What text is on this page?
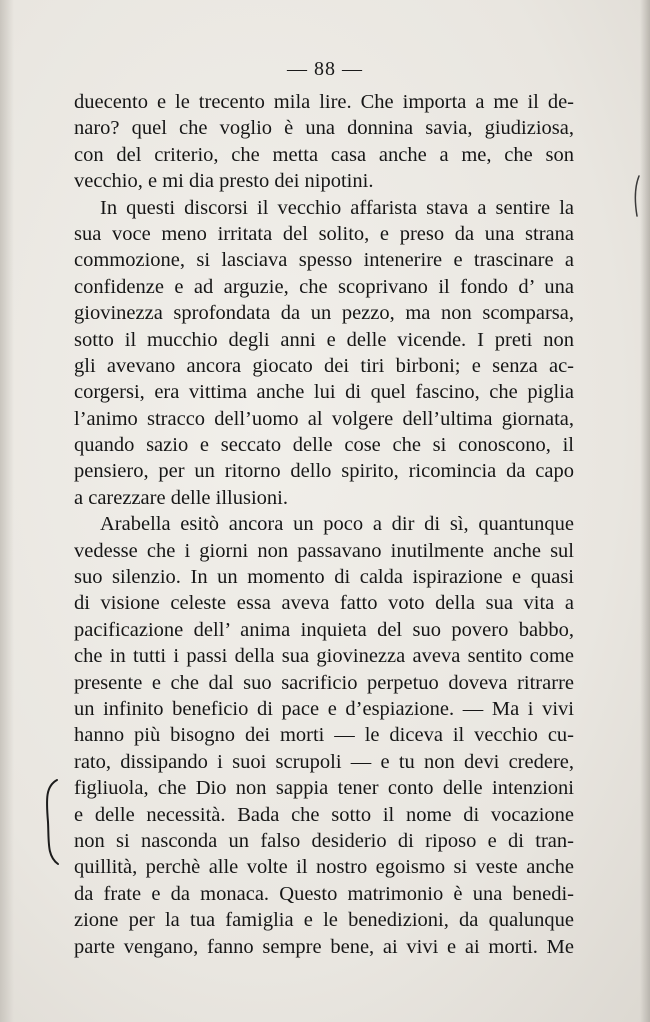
— 88 —
duecento e le trecento mila lire. Che importa a me il de-
naro? quel che voglio è una donnina savia, giudiziosa,
con del criterio, che metta casa anche a me, che son
vecchio, e mi dia presto dei nipotini.
In questi discorsi il vecchio affarista stava a sentire la
sua voce meno irritata del solito, e preso da una strana
commozione, si lasciava spesso intenerire e trascinare a
confidenze e ad arguzie, che scoprivano il fondo d’ una
giovinezza sprofondata da un pezzo, ma non scomparsa,
sotto il mucchio degli anni e delle vicende. I preti non
gli avevano ancora giocato dei tiri birboni; e senza ac-
corgersi, era vittima anche lui di quel fascino, che piglia
l’animo stracco dell’uomo al volgere dell’ultima giornata,
quando sazio e seccato delle cose che si conoscono, il
pensiero, per un ritorno dello spirito, ricomincia da capo
a carezzare delle illusioni.
Arabella esitò ancora un poco a dir di sì, quantunque
vedesse che i giorni non passavano inutilmente anche sul
suo silenzio. In un momento di calda ispirazione e quasi
di visione celeste essa aveva fatto voto della sua vita a
pacificazione dell’ anima inquieta del suo povero babbo,
che in tutti i passi della sua giovinezza aveva sentito come
presente e che dal suo sacrificio perpetuo doveva ritrarre
un infinito beneficio di pace e d’espiazione. — Ma i vivi
hanno più bisogno dei morti — le diceva il vecchio cu-
rato, dissipando i suoi scrupoli — e tu non devi credere,
figliuola, che Dio non sappia tener conto delle intenzioni
e delle necessità. Bada che sotto il nome di vocazione
non si nasconda un falso desiderio di riposo e di tran-
quillità, perchè alle volte il nostro egoismo si veste anche
da frate e da monaca. Questo matrimonio è una benedi-
zione per la tua famiglia e le benedizioni, da qualunque
parte vengano, fanno sempre bene, ai vivi e ai morti. Me
